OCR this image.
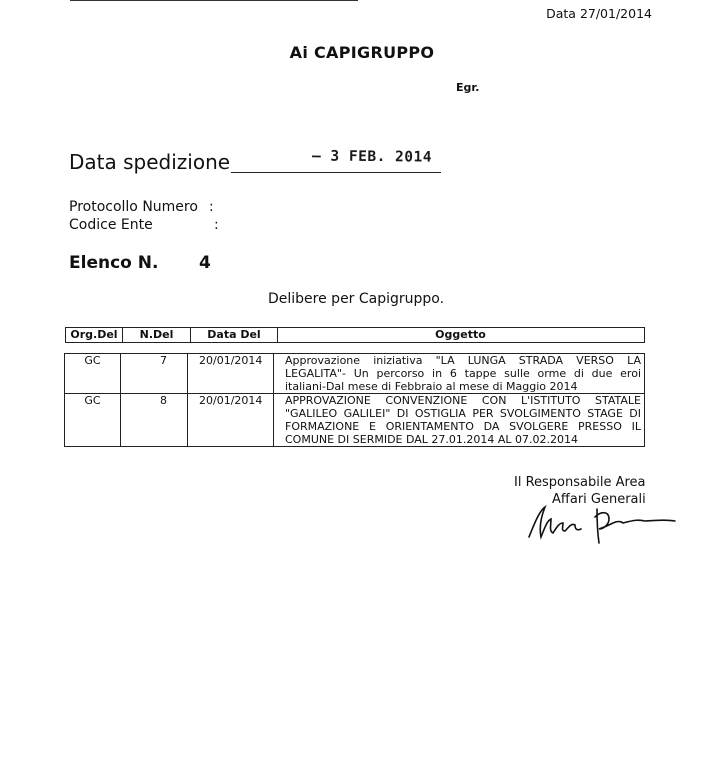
Data 27/01/2014
Ai CAPIGRUPPO
Egr.
Data spedizione	– 3 FEB. 2014
Protocollo Numero :
Codice Ente	:
Elenco N. 4
Delibere per Capigruppo.
Org.Del	N.Del	Data Del	Oggetto
GC	7	20/01/2014	Approvazione iniziativa "LA LUNGA STRADA VERSO LA LEGALITA"- Un percorso in 6 tappe sulle orme di due eroi italiani-Dal mese di Febbraio al mese di Maggio 2014
GC	8	20/01/2014	APPROVAZIONE CONVENZIONE CON L'ISTITUTO STATALE "GALILEO GALILEI" DI OSTIGLIA PER SVOLGIMENTO STAGE DI FORMAZIONE E ORIENTAMENTO DA SVOLGERE PRESSO IL COMUNE DI SERMIDE DAL 27.01.2014 AL 07.02.2014
Il Responsabile Area
Affari Generali
